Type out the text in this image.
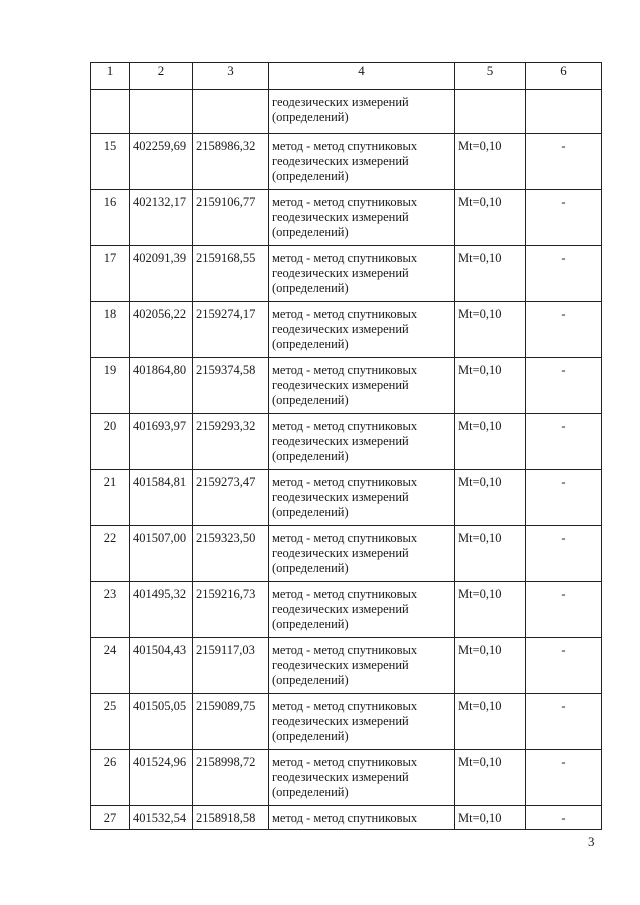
1	2	3	4	5	6
			геодезических измерений (определений)		
15	402259,69	2158986,32	метод - метод спутниковых геодезических измерений (определений)	Mt=0,10	-
16	402132,17	2159106,77	метод - метод спутниковых геодезических измерений (определений)	Mt=0,10	-
17	402091,39	2159168,55	метод - метод спутниковых геодезических измерений (определений)	Mt=0,10	-
18	402056,22	2159274,17	метод - метод спутниковых геодезических измерений (определений)	Mt=0,10	-
19	401864,80	2159374,58	метод - метод спутниковых геодезических измерений (определений)	Mt=0,10	-
20	401693,97	2159293,32	метод - метод спутниковых геодезических измерений (определений)	Mt=0,10	-
21	401584,81	2159273,47	метод - метод спутниковых геодезических измерений (определений)	Mt=0,10	-
22	401507,00	2159323,50	метод - метод спутниковых геодезических измерений (определений)	Mt=0,10	-
23	401495,32	2159216,73	метод - метод спутниковых геодезических измерений (определений)	Mt=0,10	-
24	401504,43	2159117,03	метод - метод спутниковых геодезических измерений (определений)	Mt=0,10	-
25	401505,05	2159089,75	метод - метод спутниковых геодезических измерений (определений)	Mt=0,10	-
26	401524,96	2158998,72	метод - метод спутниковых геодезических измерений (определений)	Mt=0,10	-
27	401532,54	2158918,58	метод - метод спутниковых	Mt=0,10	-
3
